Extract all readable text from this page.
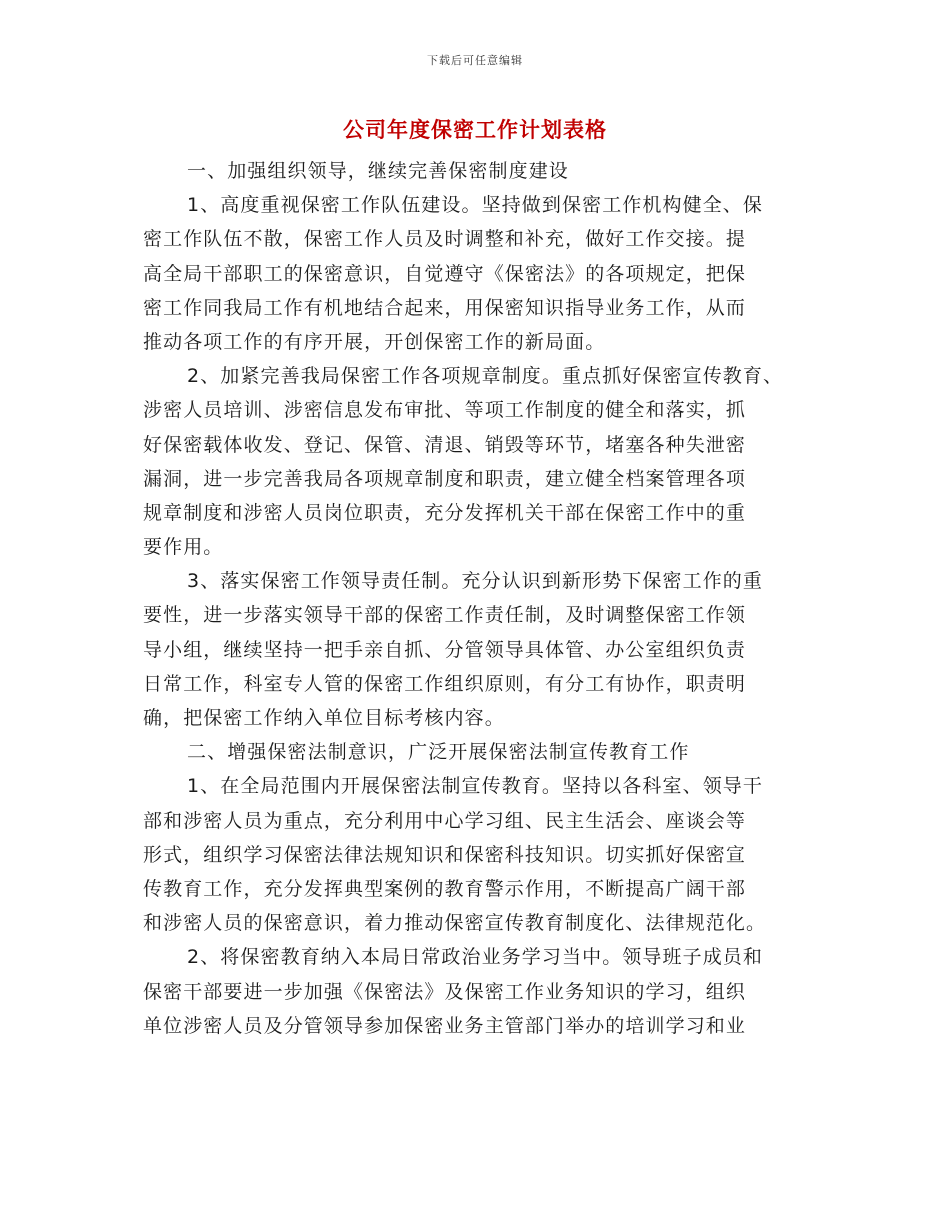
下载后可任意编辑
公司年度保密工作计划表格
一、加强组织领导，继续完善保密制度建设
1、高度重视保密工作队伍建设。坚持做到保密工作机构健全、保
密工作队伍不散，保密工作人员及时调整和补充，做好工作交接。提
高全局干部职工的保密意识，自觉遵守《保密法》的各项规定，把保
密工作同我局工作有机地结合起来，用保密知识指导业务工作，从而
推动各项工作的有序开展，开创保密工作的新局面。
2、加紧完善我局保密工作各项规章制度。重点抓好保密宣传教育、
涉密人员培训、涉密信息发布审批、等项工作制度的健全和落实，抓
好保密载体收发、登记、保管、清退、销毁等环节，堵塞各种失泄密
漏洞，进一步完善我局各项规章制度和职责，建立健全档案管理各项
规章制度和涉密人员岗位职责，充分发挥机关干部在保密工作中的重
要作用。
3、落实保密工作领导责任制。充分认识到新形势下保密工作的重
要性，进一步落实领导干部的保密工作责任制，及时调整保密工作领
导小组，继续坚持一把手亲自抓、分管领导具体管、办公室组织负责
日常工作，科室专人管的保密工作组织原则，有分工有协作，职责明
确，把保密工作纳入单位目标考核内容。
二、增强保密法制意识，广泛开展保密法制宣传教育工作
1、在全局范围内开展保密法制宣传教育。坚持以各科室、领导干
部和涉密人员为重点，充分利用中心学习组、民主生活会、座谈会等
形式，组织学习保密法律法规知识和保密科技知识。切实抓好保密宣
传教育工作，充分发挥典型案例的教育警示作用，不断提高广阔干部
和涉密人员的保密意识，着力推动保密宣传教育制度化、法律规范化。
2、将保密教育纳入本局日常政治业务学习当中。领导班子成员和
保密干部要进一步加强《保密法》及保密工作业务知识的学习，组织
单位涉密人员及分管领导参加保密业务主管部门举办的培训学习和业
